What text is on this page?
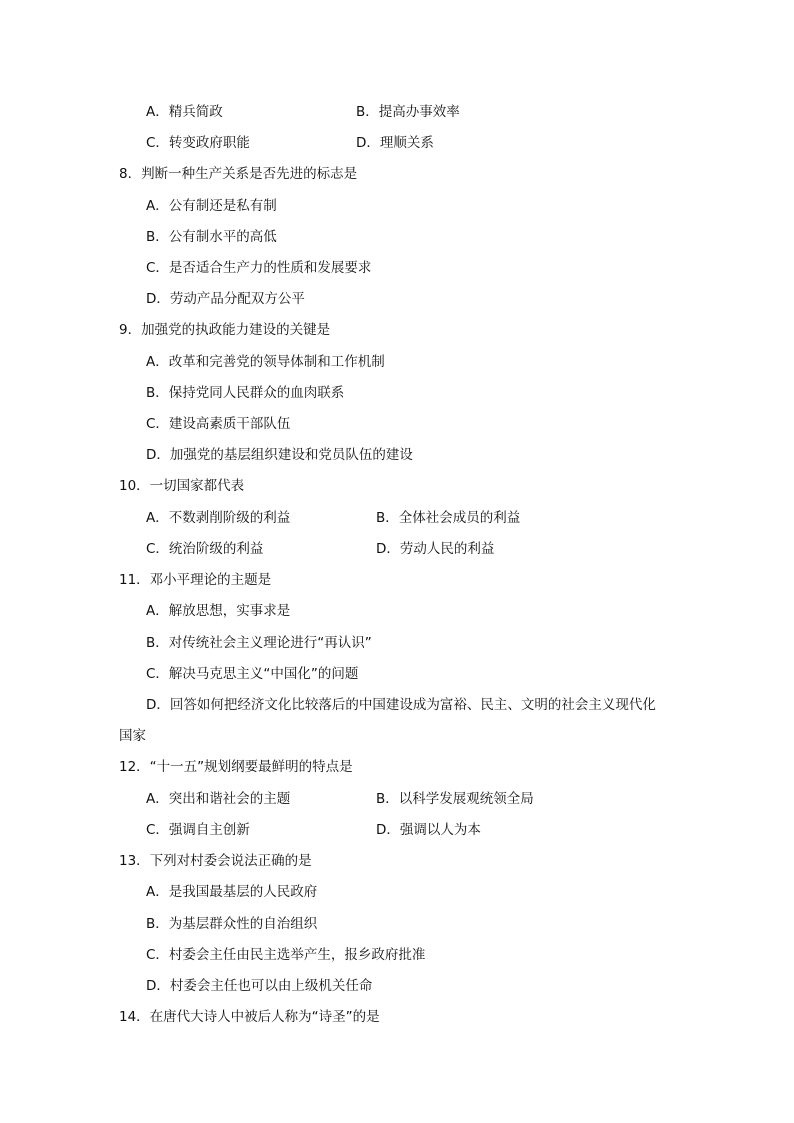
A．精兵简政	B．提高办事效率
C．转变政府职能	D．理顺关系
8．判断一种生产关系是否先进的标志是
A．公有制还是私有制
B．公有制水平的高低
C．是否适合生产力的性质和发展要求
D．劳动产品分配双方公平
9．加强党的执政能力建设的关键是
A．改革和完善党的领导体制和工作机制
B．保持党同人民群众的血肉联系
C．建设高素质干部队伍
D．加强党的基层组织建设和党员队伍的建设
10．一切国家都代表
A．不数剥削阶级的利益	B．全体社会成员的利益
C．统治阶级的利益	D．劳动人民的利益
11．邓小平理论的主题是
A．解放思想，实事求是
B．对传统社会主义理论进行“再认识”
C．解决马克思主义“中国化”的问题
D．回答如何把经济文化比较落后的中国建设成为富裕、民主、文明的社会主义现代化
国家
12．“十一五”规划纲要最鲜明的特点是
A．突出和谐社会的主题	B．以科学发展观统领全局
C．强调自主创新	D．强调以人为本
13．下列对村委会说法正确的是
A．是我国最基层的人民政府
B．为基层群众性的自治组织
C．村委会主任由民主选举产生，报乡政府批准
D．村委会主任也可以由上级机关任命
14．在唐代大诗人中被后人称为“诗圣”的是
